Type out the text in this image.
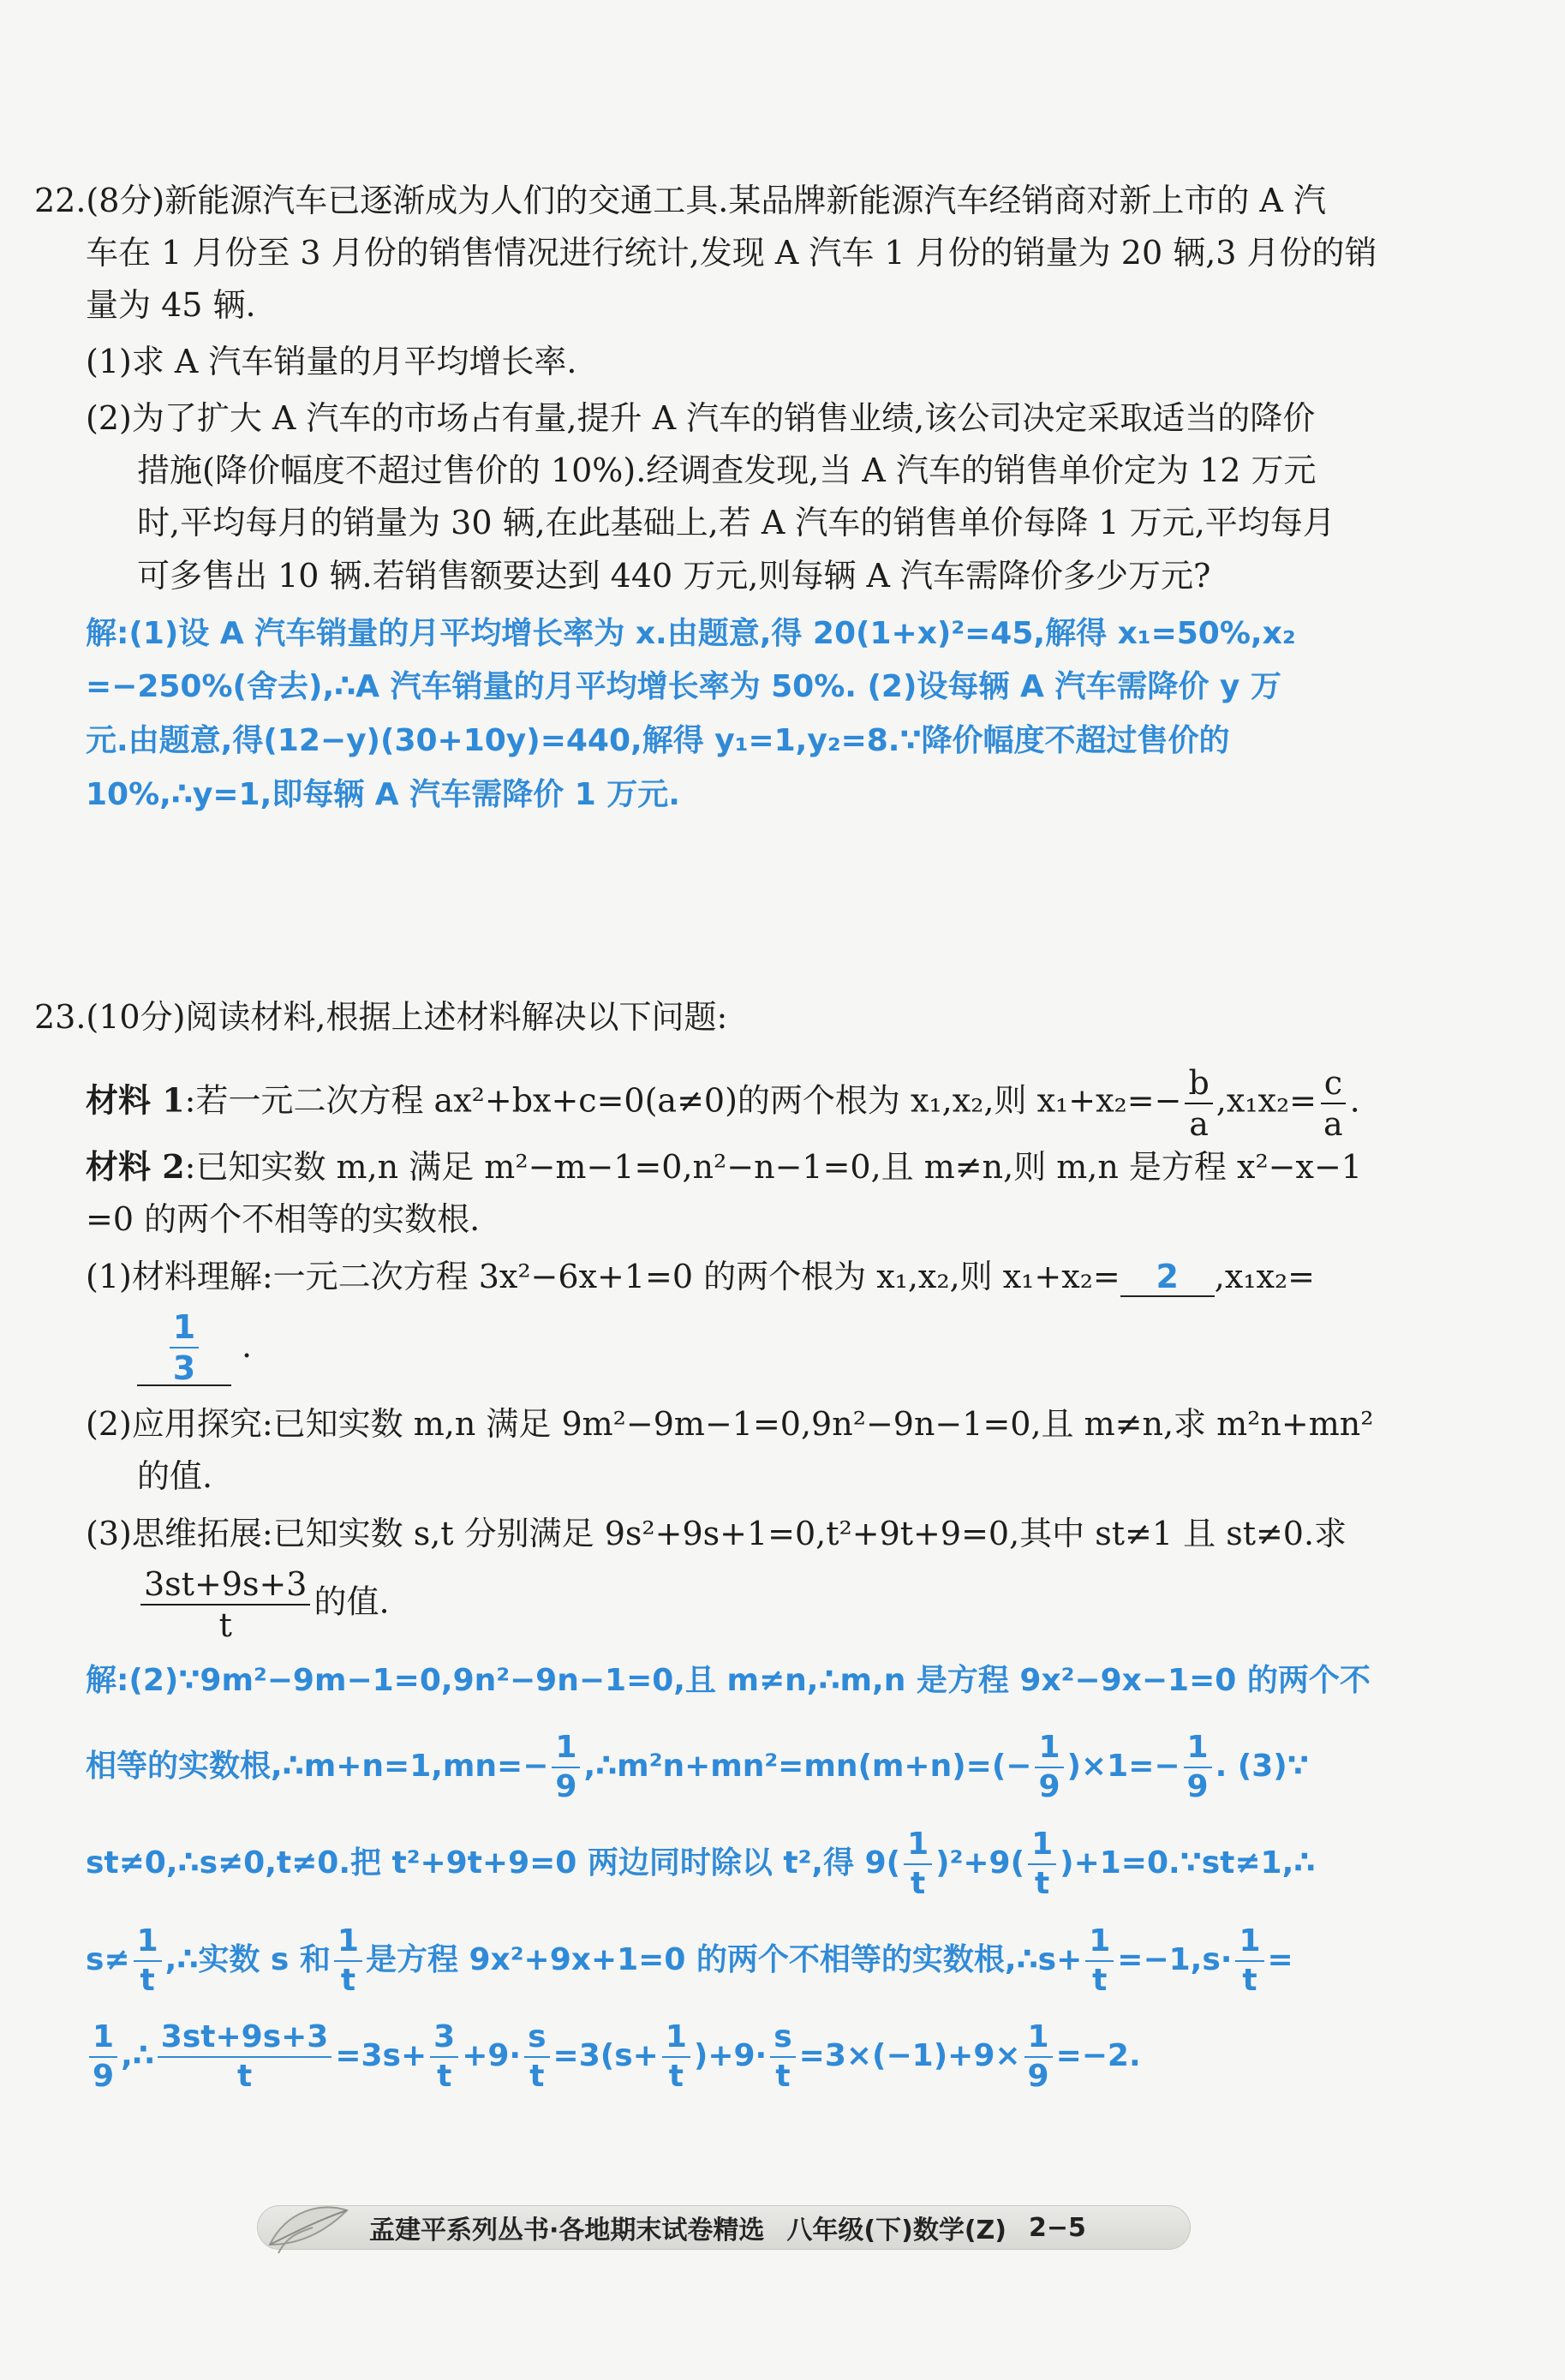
22.(8分)新能源汽车已逐渐成为人们的交通工具.某品牌新能源汽车经销商对新上市的 A 汽
车在 1 月份至 3 月份的销售情况进行统计,发现 A 汽车 1 月份的销量为 20 辆,3 月份的销
量为 45 辆.
(1)求 A 汽车销量的月平均增长率.
(2)为了扩大 A 汽车的市场占有量,提升 A 汽车的销售业绩,该公司决定采取适当的降价
措施(降价幅度不超过售价的 10%).经调查发现,当 A 汽车的销售单价定为 12 万元
时,平均每月的销量为 30 辆,在此基础上,若 A 汽车的销售单价每降 1 万元,平均每月
可多售出 10 辆.若销售额要达到 440 万元,则每辆 A 汽车需降价多少万元?
解:(1)设 A 汽车销量的月平均增长率为 x.由题意,得 20(1+x)²=45,解得 x₁=50%,x₂
=−250%(舍去),∴A 汽车销量的月平均增长率为 50%. (2)设每辆 A 汽车需降价 y 万
元.由题意,得(12−y)(30+10y)=440,解得 y₁=1,y₂=8.∵降价幅度不超过售价的
10%,∴y=1,即每辆 A 汽车需降价 1 万元.
23.(10分)阅读材料,根据上述材料解决以下问题:
材料 1:若一元二次方程 ax²+bx+c=0(a≠0)的两个根为 x₁,x₂,则 $x_1+x_2=- \frac{b}{a} ,x_1x_2= \frac{c}{a}$ .
材料 2:已知实数 m,n 满足 m²−m−1=0,n²−n−1=0,且 m≠n,则 m,n 是方程 x²−x−1
=0 的两个不相等的实数根.
(1)材料理解:一元二次方程 3x²−6x+1=0 的两个根为 x₁,x₂,则 x₁+x₂= 2 ,x₁x₂=
$\frac{1}{3}$ .
(2)应用探究:已知实数 m,n 满足 9m²−9m−1=0,9n²−9n−1=0,且 m≠n,求 m²n+mn²
的值.
(3)思维拓展:已知实数 s,t 分别满足 9s²+9s+1=0,t²+9t+9=0,其中 st≠1 且 st≠0.求
$\frac{3st+9s+3}{t}$ 的值.
解:(2)∵9m²−9m−1=0,9n²−9n−1=0,且 m≠n,∴m,n 是方程 9x²−9x−1=0 的两个不
相等的实数根,∴m+n=1,mn=− $\frac{1}{9}$ ,∴m²n+mn²=mn(m+n)=(− $\frac{1}{9} )\times 1=- \frac{1}{9}$ . (3)∵
st≠0,∴s≠0,t≠0.把 t²+9t+9=0 两边同时除以 t²,得 $9( \frac{1}{t} )^2+9( \frac{1}{t}$ )+1=0.∵st≠1,∴
$s\ne \frac{1}{t}$ ,∴实数 s 和 $\frac{1}{t}$ 是方程 9x²+9x+1=0 的两个不相等的实数根,∴s+ $\frac{1}{t} =-1,s\cdot \frac{1}{t}$ =
$\frac{1}{9}$ ,∴ $\frac{3st+9s+3}{t} =3s+ \frac{3}{t} +9\cdot \frac{s}{t} =3(s+ \frac{1}{t} )+9\cdot \frac{s}{t} =3\times(-1)+9\times \frac{1}{9} =-2$.
孟建平系列丛书·各地期末试卷精选 八年级(下)数学(Z) 2−5
